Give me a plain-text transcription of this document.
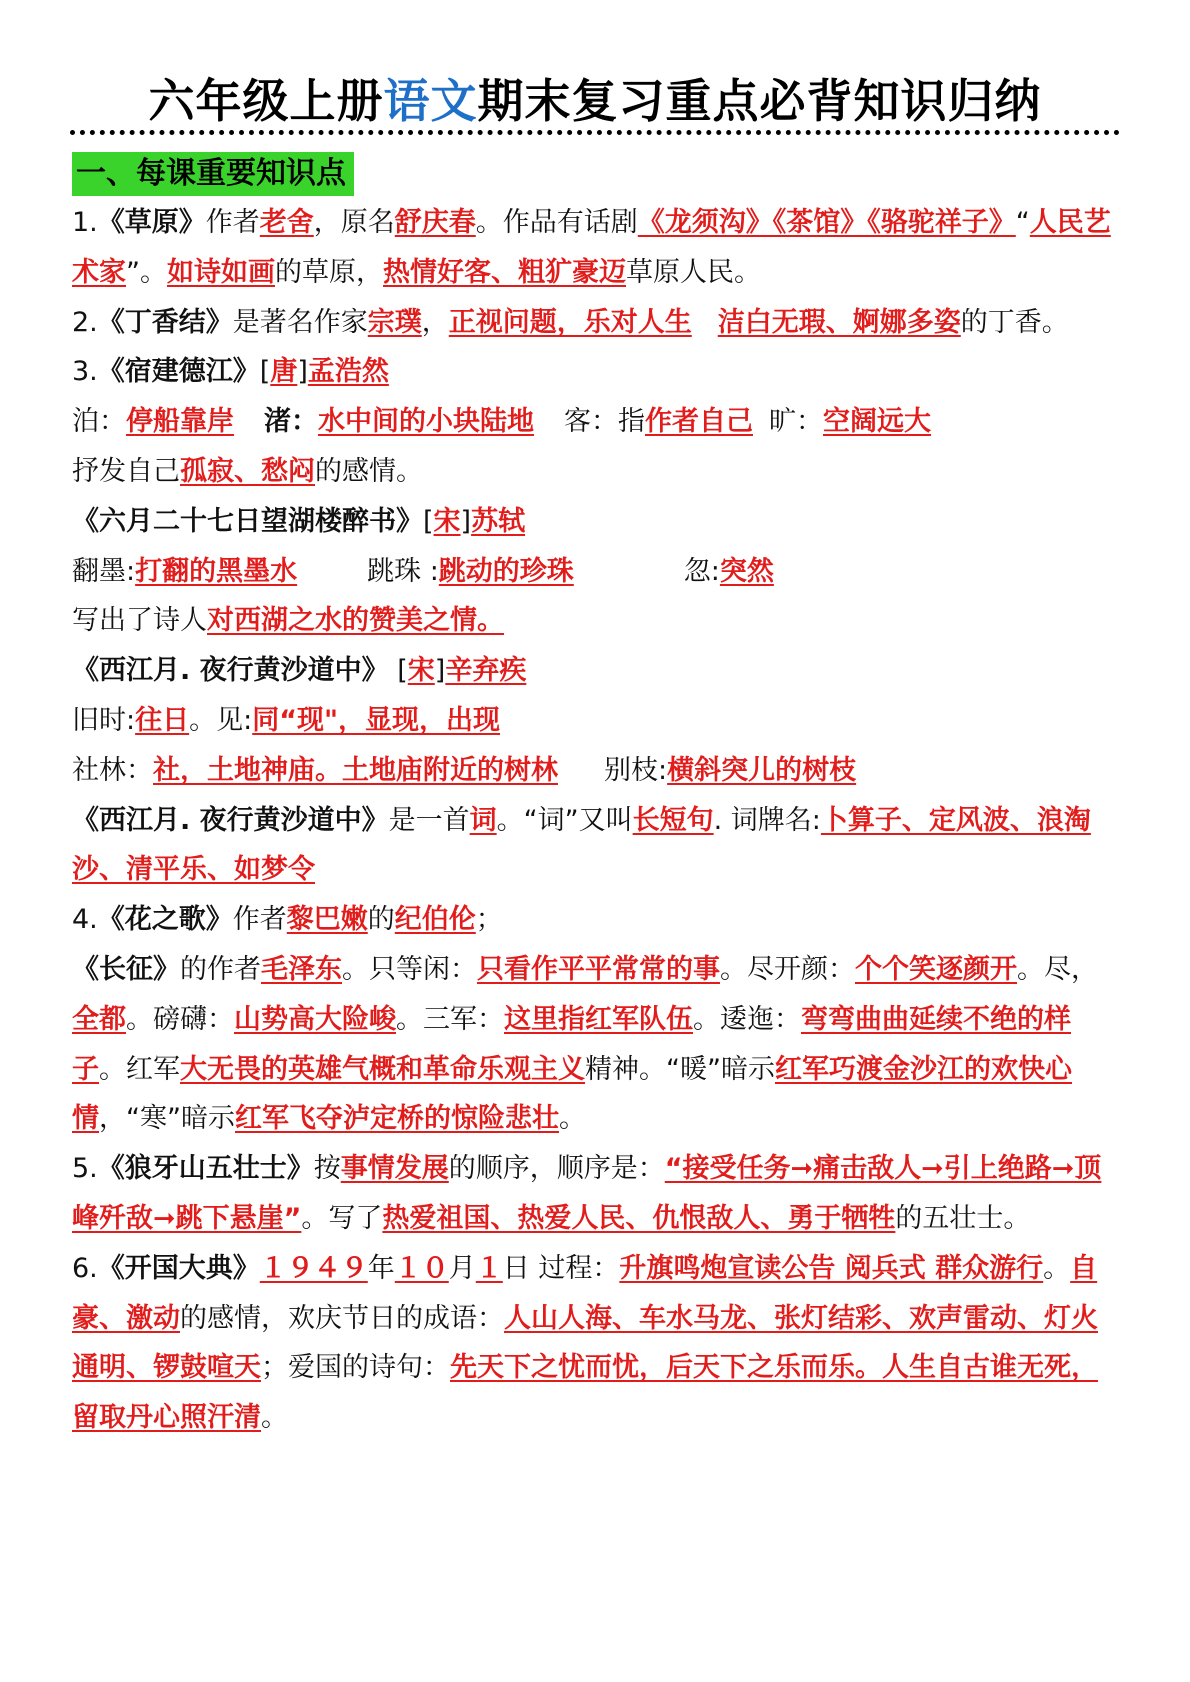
六年级上册语文期末复习重点必背知识归纳
一、每课重要知识点

1.《草原》作者老舍，原名舒庆春。作品有话剧《龙须沟》《茶馆》《骆驼祥子》“人民艺术家”。如诗如画的草原，热情好客、粗犷豪迈草原人民。

2.《丁香结》是著名作家宗璞，正视问题，乐对人生 洁白无瑕、婀娜多姿的丁香。

3.《宿建德江》[唐]孟浩然

泊：停船靠岸 渚：水中间的小块陆地 客：指作者自己 旷：空阔远大

抒发自己孤寂、愁闷的感情。

《六月二十七日望湖楼醉书》[宋]苏轼

翻墨:打翻的黑墨水	跳珠 :跳动的珍珠	忽:突然

写出了诗人对西湖之水的赞美之情。

《西江月. 夜行黄沙道中》 [宋]辛弃疾

旧时:往日。见:同“现"，显现，出现

社林：社，土地神庙。土地庙附近的树林 别枝:横斜突儿的树枝

《西江月. 夜行黄沙道中》是一首词。“词”又叫长短句. 词牌名:卜算子、定风波、浪淘沙、清平乐、如梦令

4.《花之歌》作者黎巴嫩的纪伯伦；

《长征》的作者毛泽东。只等闲：只看作平平常常的事。尽开颜：个个笑逐颜开。尽，全都。磅礴：山势高大险峻。三军：这里指红军队伍。逶迤：弯弯曲曲延续不绝的样子。红军大无畏的英雄气概和革命乐观主义精神。“暖”暗示红军巧渡金沙江的欢快心情，“寒”暗示红军飞夺泸定桥的惊险悲壮。

5.《狼牙山五壮士》按事情发展的顺序，顺序是：“接受任务➞痛击敌人➞引上绝路➞顶峰歼敌➞跳下悬崖”。写了热爱祖国、热爱人民、仇恨敌人、勇于牺牲的五壮士。

6.《开国大典》１９４９年１０月１日 过程：升旗鸣炮宣读公告 阅兵式 群众游行。自豪、激动的感情，欢庆节日的成语：人山人海、车水马龙、张灯结彩、欢声雷动、灯火通明、锣鼓喧天；爱国的诗句：先天下之忧而忧，后天下之乐而乐。人生自古谁无死，留取丹心照汗清。
